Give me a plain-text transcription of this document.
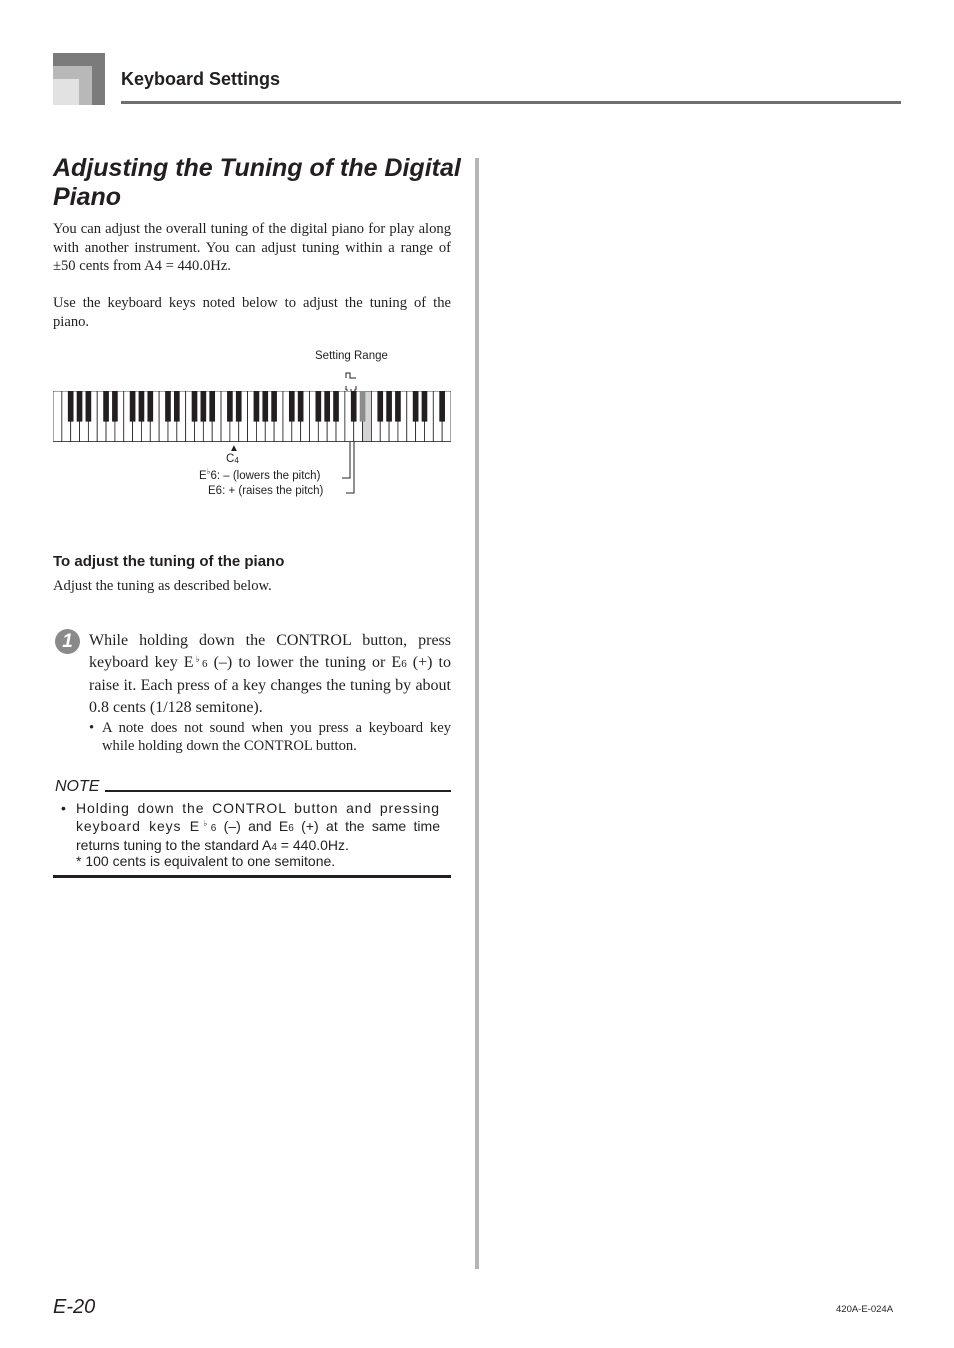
Keyboard Settings
Adjusting the Tuning of the Digital Piano
You can adjust the overall tuning of the digital piano for play along with another instrument. You can adjust tuning within a range of ±50 cents from A4 = 440.0Hz.
Use the keyboard keys noted below to adjust the tuning of the piano.
Setting Range
▲
$C_4$
E♭6: – (lowers the pitch)
E6: + (raises the pitch)
To adjust the tuning of the piano
Adjust the tuning as described below.
1	While holding down the CONTROL button, press keyboard key E♭6 (–) to lower the tuning or E6 (+) to raise it. Each press of a key changes the tuning by about 0.8 cents (1/128 semitone).
• A note does not sound when you press a keyboard key while holding down the CONTROL button.
NOTE
• Holding down the CONTROL button and pressing keyboard keys E♭6 (–) and E6 (+) at the same time returns tuning to the standard A4 = 440.0Hz.
* 100 cents is equivalent to one semitone.
E-20	420A-E-024A
